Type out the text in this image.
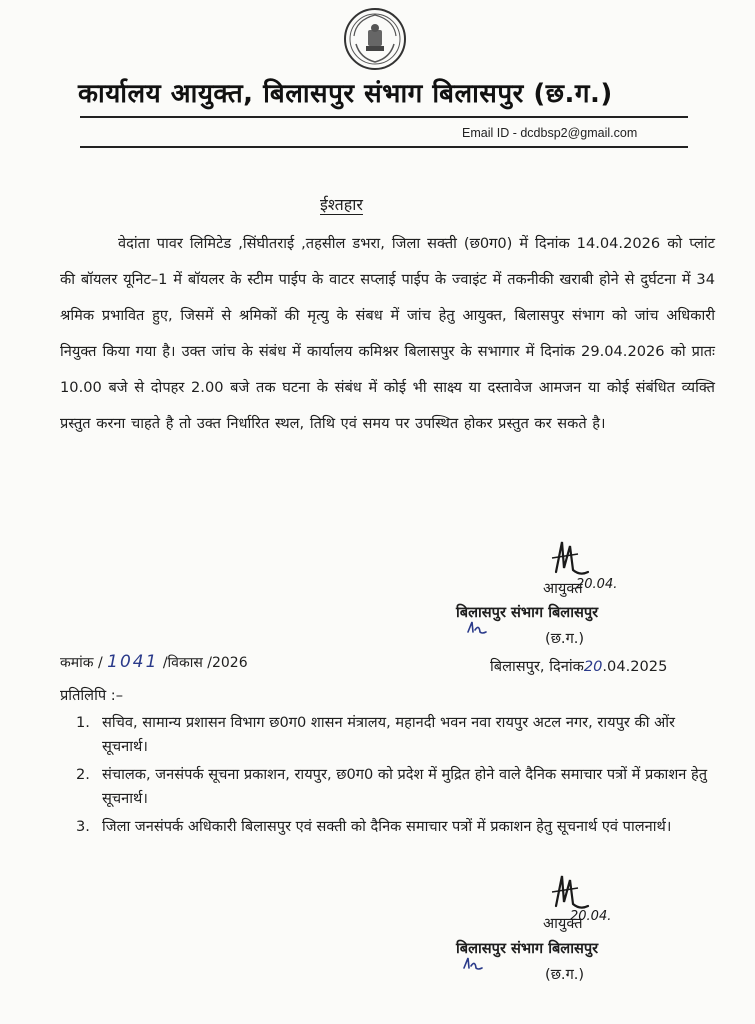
कार्यालय आयुक्त, बिलासपुर संभाग बिलासपुर (छ.ग.)
Email ID - dcdbsp2@gmail.com
ईश्तहार
वेदांता पावर लिमिटेड ,सिंघीतराई ,तहसील डभरा, जिला सक्ती (छ0ग0) में दिनांक 14.04.2026 को प्लांट की बॉयलर यूनिट–1 में बॉयलर के स्टीम पाईप के वाटर सप्लाई पाईप के ज्वाइंट में तकनीकी खराबी होने से दुर्घटना में 34 श्रमिक प्रभावित हुए, जिसमें से श्रमिकों की मृत्यु के संबध में जांच हेतु आयुक्त, बिलासपुर संभाग को जांच अधिकारी नियुक्त किया गया है। उक्त जांच के संबंध में कार्यालय कमिश्नर बिलासपुर के सभागार में दिनांक 29.04.2026 को प्रातः 10.00 बजे से दोपहर 2.00 बजे तक घटना के संबंध में कोई भी साक्ष्य या दस्तावेज आमजन या कोई संबंधित व्यक्ति प्रस्तुत करना चाहते है तो उक्त निर्धारित स्थल, तिथि एवं समय पर उपस्थित होकर प्रस्तुत कर सकते है।
20.04.
आयुक्त
बिलासपुर संभाग बिलासपुर
(छ.ग.)
कमांक / 1041 /विकास /2026	बिलासपुर, दिनांक20.04.2025
प्रतिलिपि :–
1. सचिव, सामान्य प्रशासन विभाग छ0ग0 शासन मंत्रालय, महानदी भवन नवा रायपुर अटल नगर, रायपुर की ओंर सूचनार्थ।
2. संचालक, जनसंपर्क सूचना प्रकाशन, रायपुर, छ0ग0 को प्रदेश में मुद्रित होने वाले दैनिक समाचार पत्रों में प्रकाशन हेतु सूचनार्थ।
3. जिला जनसंपर्क अधिकारी बिलासपुर एवं सक्ती को दैनिक समाचार पत्रों में प्रकाशन हेतु सूचनार्थ एवं पालनार्थ।
20.04.
आयुक्त
बिलासपुर संभाग बिलासपुर
(छ.ग.)
